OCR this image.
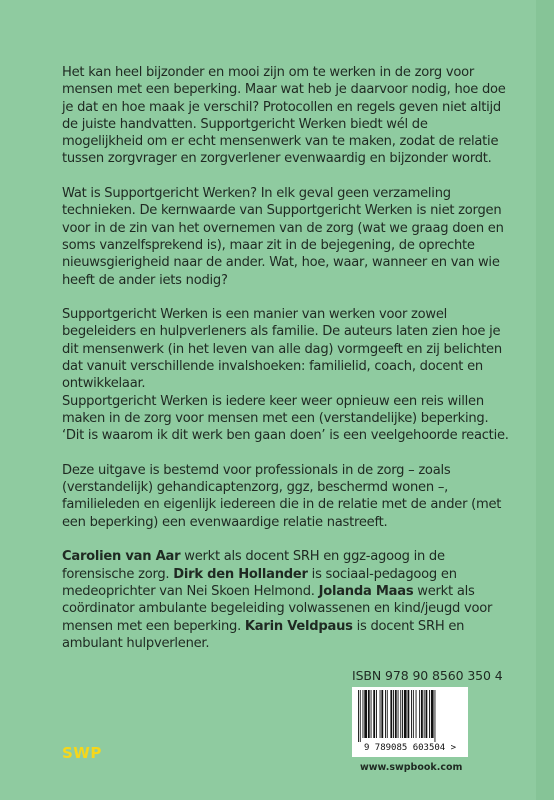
Het kan heel bijzonder en mooi zijn om te werken in de zorg voor mensen met een beperking. Maar wat heb je daarvoor nodig, hoe doe je dat en hoe maak je verschil? Protocollen en regels geven niet altijd de juiste handvatten. Supportgericht Werken biedt wél de mogelijkheid om er echt mensenwerk van te maken, zodat de relatie tussen zorgvrager en zorgverlener evenwaardig en bijzonder wordt.

Wat is Supportgericht Werken? In elk geval geen verzameling technieken. De kernwaarde van Supportgericht Werken is niet zorgen voor in de zin van het overnemen van de zorg (wat we graag doen en soms vanzelfsprekend is), maar zit in de bejegening, de oprechte nieuwsgierigheid naar de ander. Wat, hoe, waar, wanneer en van wie heeft de ander iets nodig?

Supportgericht Werken is een manier van werken voor zowel begeleiders en hulpverleners als familie. De auteurs laten zien hoe je dit mensenwerk (in het leven van alle dag) vormgeeft en zij belichten dat vanuit verschillende invalshoeken: familielid, coach, docent en ontwikkelaar.

Supportgericht Werken is iedere keer weer opnieuw een reis willen maken in de zorg voor mensen met een (verstandelijke) beperking. ‘Dit is waarom ik dit werk ben gaan doen’ is een veelgehoorde reactie.

Deze uitgave is bestemd voor professionals in de zorg – zoals (verstandelijk) gehandicaptenzorg, ggz, beschermd wonen –, familieleden en eigenlijk iedereen die in de relatie met de ander (met een beperking) een evenwaardige relatie nastreeft.

Carolien van Aar werkt als docent SRH en ggz-agoog in de forensische zorg. Dirk den Hollander is sociaal-pedagoog en medeoprichter van Nei Skoen Helmond. Jolanda Maas werkt als coördinator ambulante begeleiding volwassenen en kind/jeugd voor mensen met een beperking. Karin Veldpaus is docent SRH en ambulant hulpverlener.

ISBN 978 90 8560 350 4
9 789085 603504 >
www.swpbook.com
SWP
